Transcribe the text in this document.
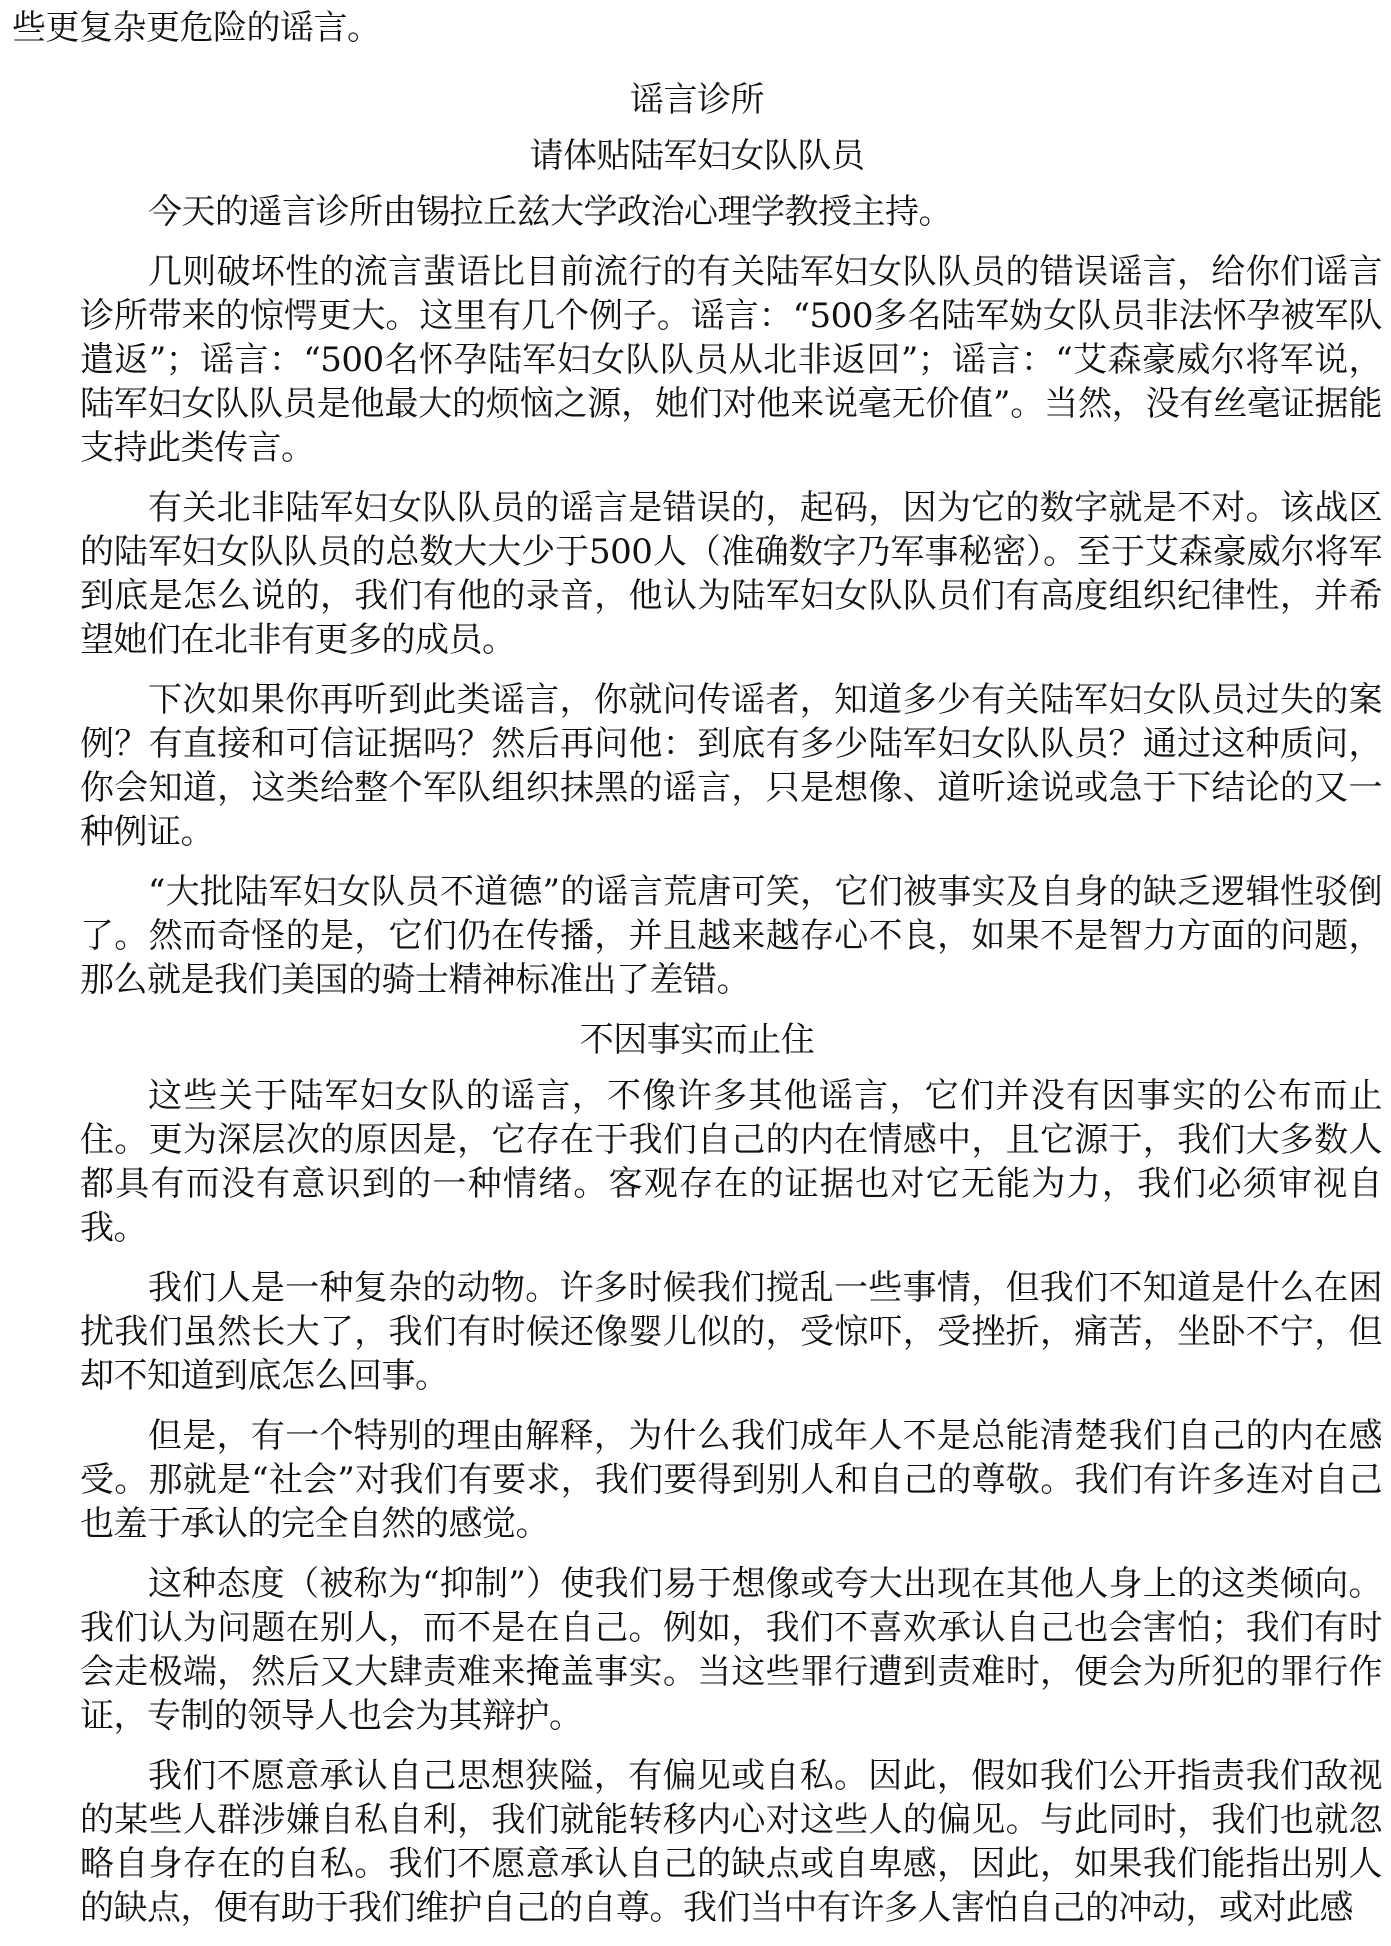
些更复杂更危险的谣言。

谣言诊所

请体贴陆军妇女队队员

今天的遥言诊所由锡拉丘兹大学政治心理学教授主持。

几则破坏性的流言蜚语比目前流行的有关陆军妇女队队员的错误谣言，给你们谣言诊所带来的惊愕更大。这里有几个例子。谣言：“500多名陆军妫女队员非法怀孕被军队遣返”；谣言：“500名怀孕陆军妇女队队员从北非返回”；谣言：“艾森豪威尔将军说，陆军妇女队队员是他最大的烦恼之源，她们对他来说毫无价值”。当然，没有丝毫证据能支持此类传言。

有关北非陆军妇女队队员的谣言是错误的，起码，因为它的数字就是不对。该战区的陆军妇女队队员的总数大大少于500人（准确数字乃军事秘密）。至于艾森豪威尔将军到底是怎么说的，我们有他的录音，他认为陆军妇女队队员们有高度组织纪律性，并希望她们在北非有更多的成员。

下次如果你再听到此类谣言，你就问传谣者，知道多少有关陆军妇女队员过失的案例？有直接和可信证据吗？然后再问他：到底有多少陆军妇女队队员？通过这种质问，你会知道，这类给整个军队组织抹黑的谣言，只是想像、道听途说或急于下结论的又一种例证。

“大批陆军妇女队员不道德”的谣言荒唐可笑，它们被事实及自身的缺乏逻辑性驳倒了。然而奇怪的是，它们仍在传播，并且越来越存心不良，如果不是智力方面的问题，那么就是我们美国的骑士精神标准出了差错。

不因事实而止住

这些关于陆军妇女队的谣言，不像许多其他谣言，它们并没有因事实的公布而止住。更为深层次的原因是，它存在于我们自己的内在情感中，且它源于，我们大多数人都具有而没有意识到的一种情绪。客观存在的证据也对它无能为力，我们必须审视自我。

我们人是一种复杂的动物。许多时候我们搅乱一些事情，但我们不知道是什么在困扰我们虽然长大了，我们有时候还像婴儿似的，受惊吓，受挫折，痛苦，坐卧不宁，但却不知道到底怎么回事。

但是，有一个特别的理由解释，为什么我们成年人不是总能清楚我们自己的内在感受。那就是“社会”对我们有要求，我们要得到别人和自己的尊敬。我们有许多连对自己也羞于承认的完全自然的感觉。

这种态度（被称为“抑制”）使我们易于想像或夸大出现在其他人身上的这类倾向。我们认为问题在别人，而不是在自己。例如，我们不喜欢承认自己也会害怕；我们有时会走极端，然后又大肆责难来掩盖事实。当这些罪行遭到责难时，便会为所犯的罪行作证，专制的领导人也会为其辩护。

我们不愿意承认自己思想狭隘，有偏见或自私。因此，假如我们公开指责我们敌视的某些人群涉嫌自私自利，我们就能转移内心对这些人的偏见。与此同时，我们也就忽略自身存在的自私。我们不愿意承认自己的缺点或自卑感，因此，如果我们能指出别人的缺点，便有助于我们维护自己的自尊。我们当中有许多人害怕自己的冲动，或对此感
